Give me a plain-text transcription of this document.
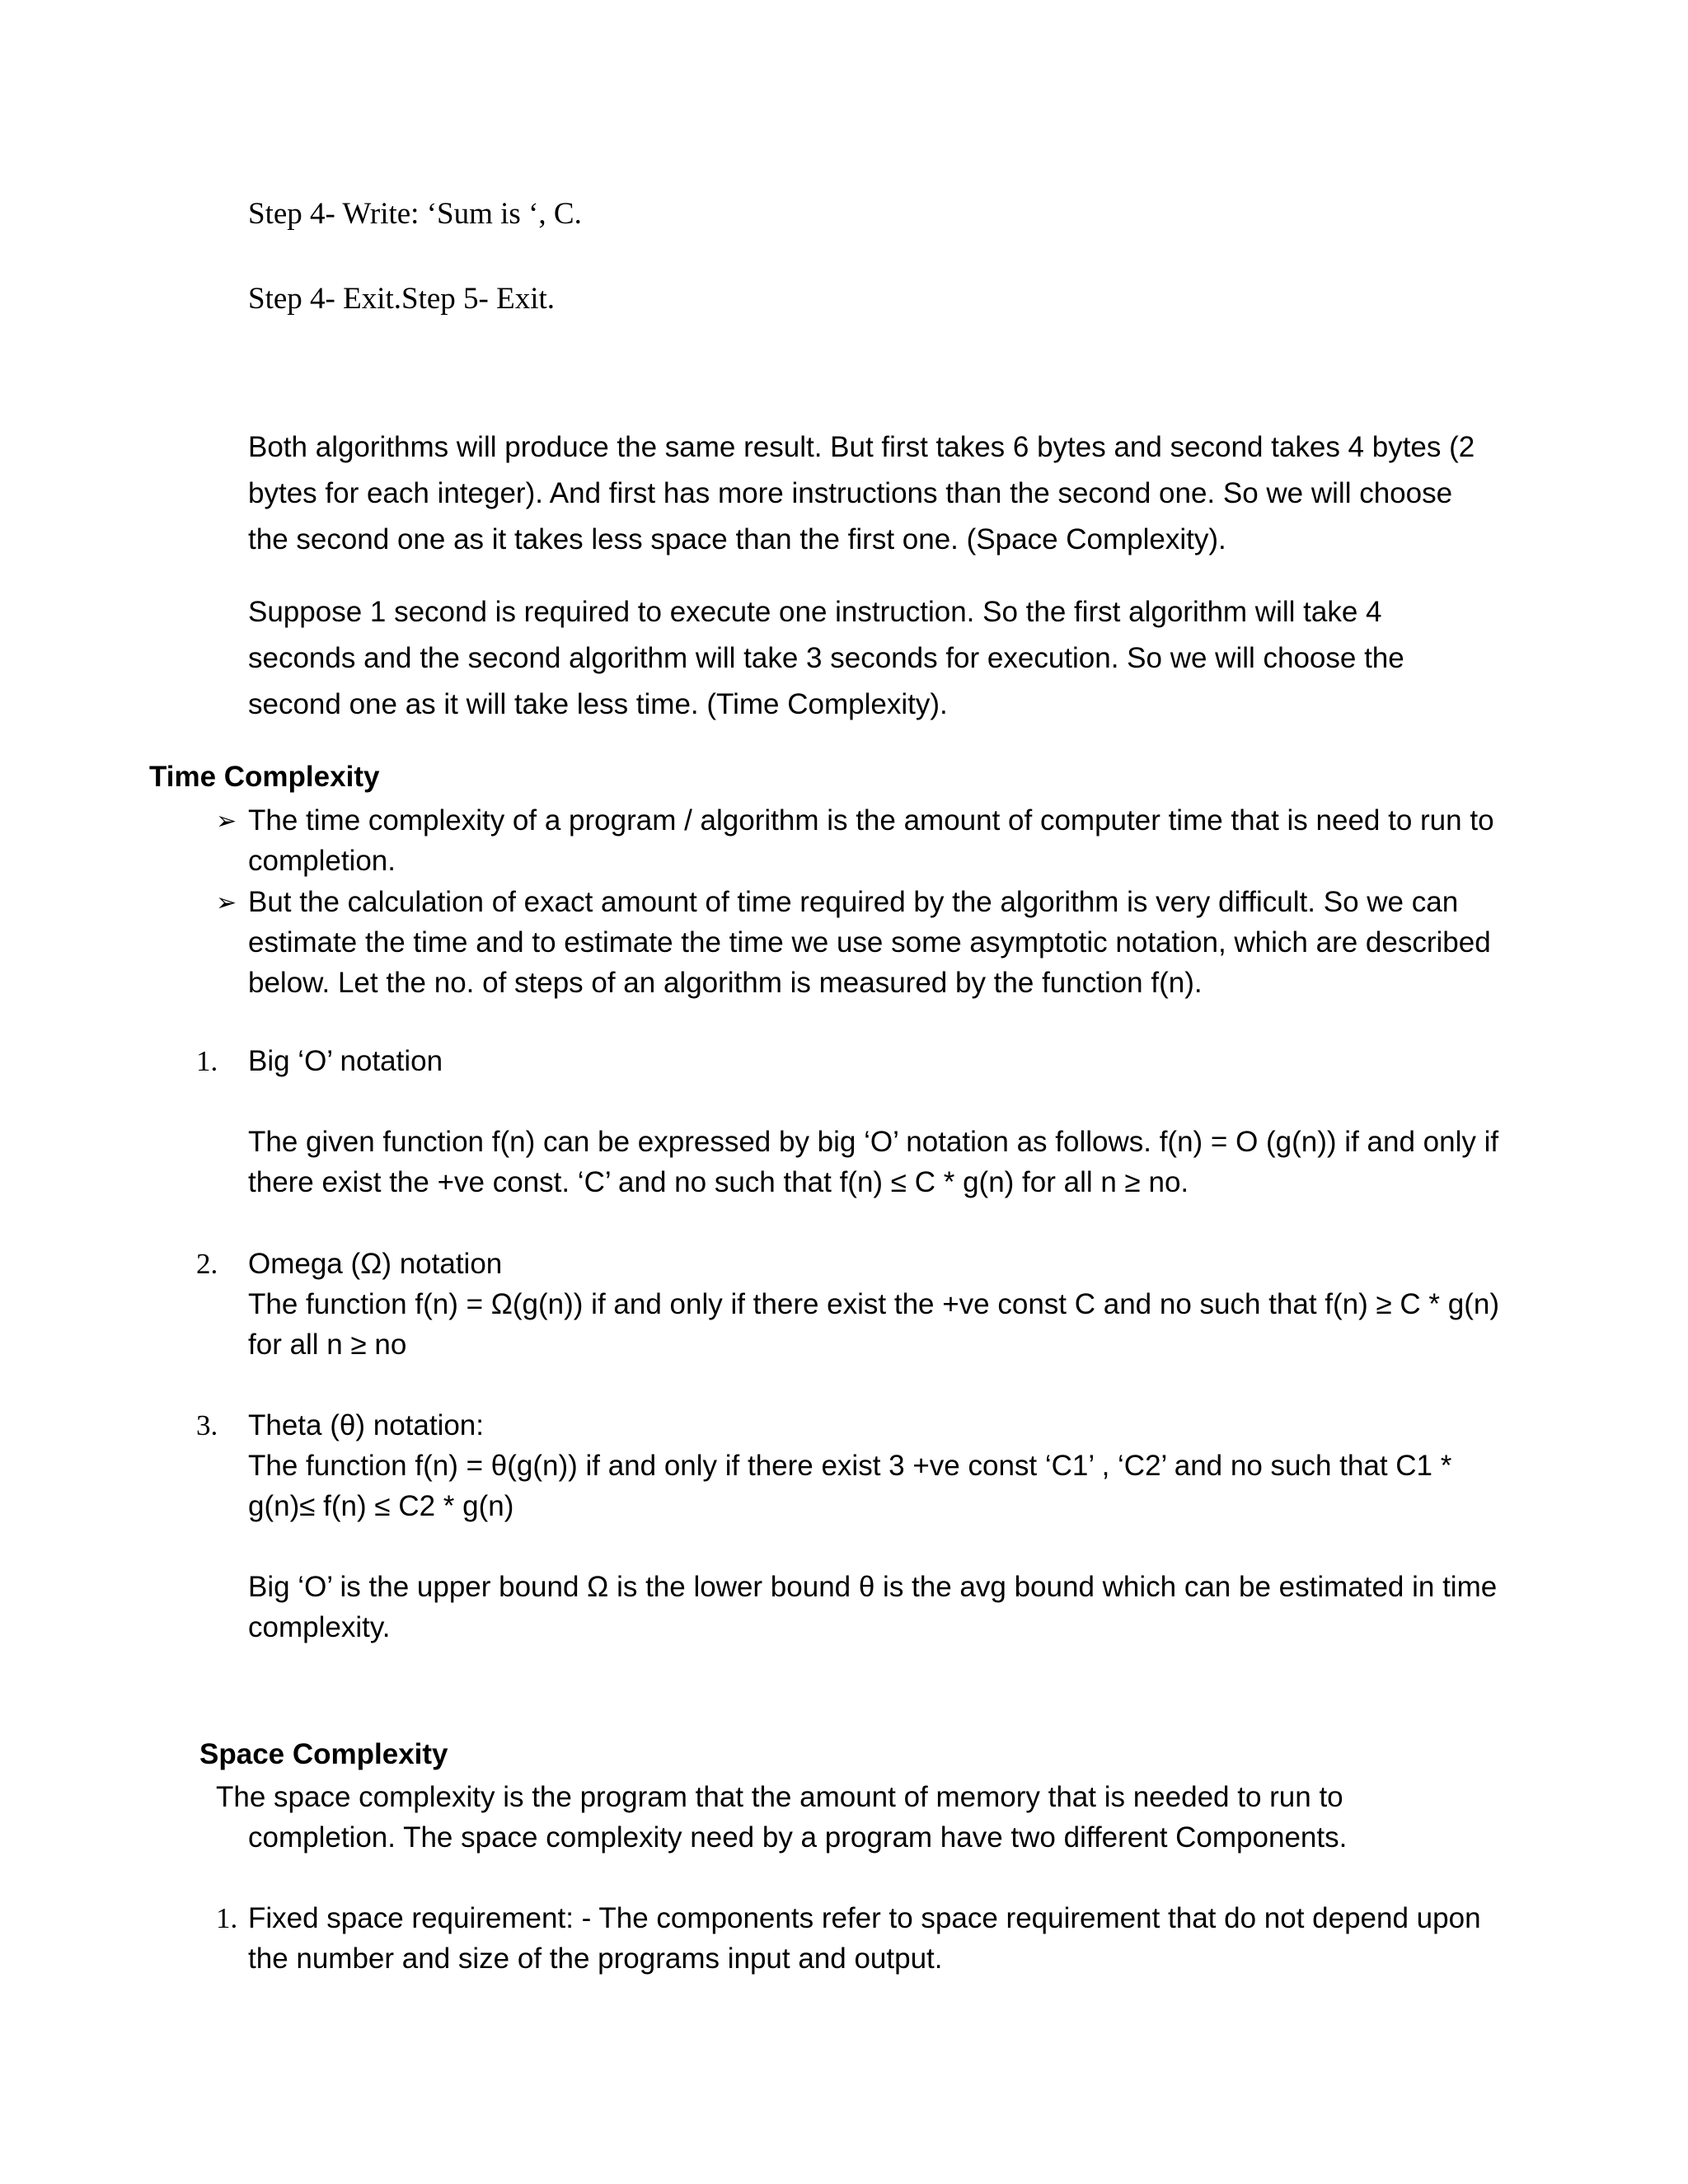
Step 4- Write: ‘Sum is ‘, C.
Step 4- Exit.Step 5- Exit.
Both algorithms will produce the same result. But first takes 6 bytes and second takes 4 bytes (2 bytes for each integer). And first has more instructions than the second one. So we will choose the second one as it takes less space than the first one. (Space Complexity).
Suppose 1 second is required to execute one instruction. So the first algorithm will take 4 seconds and the second algorithm will take 3 seconds for execution. So we will choose the second one as it will take less time. (Time Complexity).
Time Complexity
➢ The time complexity of a program / algorithm is the amount of computer time that is need to run to completion.
➢ But the calculation of exact amount of time required by the algorithm is very difficult. So we can estimate the time and to estimate the time we use some asymptotic notation, which are described below. Let the no. of steps of an algorithm is measured by the function f(n).
1. Big ‘O’ notation
The given function f(n) can be expressed by big ‘O’ notation as follows. f(n) = O (g(n)) if and only if there exist the +ve const. ‘C’ and no such that f(n) ≤ C * g(n) for all n ≥ no.
2. Omega (Ω) notation
The function f(n) = Ω(g(n)) if and only if there exist the +ve const C and no such that f(n) ≥ C * g(n) for all n ≥ no
3. Theta (θ) notation:
The function f(n) = θ(g(n)) if and only if there exist 3 +ve const ‘C1’ , ‘C2’ and no such that C1 * g(n)≤ f(n) ≤ C2 * g(n)
Big ‘O’ is the upper bound Ω is the lower bound θ is the avg bound which can be estimated in time complexity.
Space Complexity
The space complexity is the program that the amount of memory that is needed to run to
completion. The space complexity need by a program have two different Components.
1. Fixed space requirement: - The components refer to space requirement that do not depend upon the number and size of the programs input and output.
